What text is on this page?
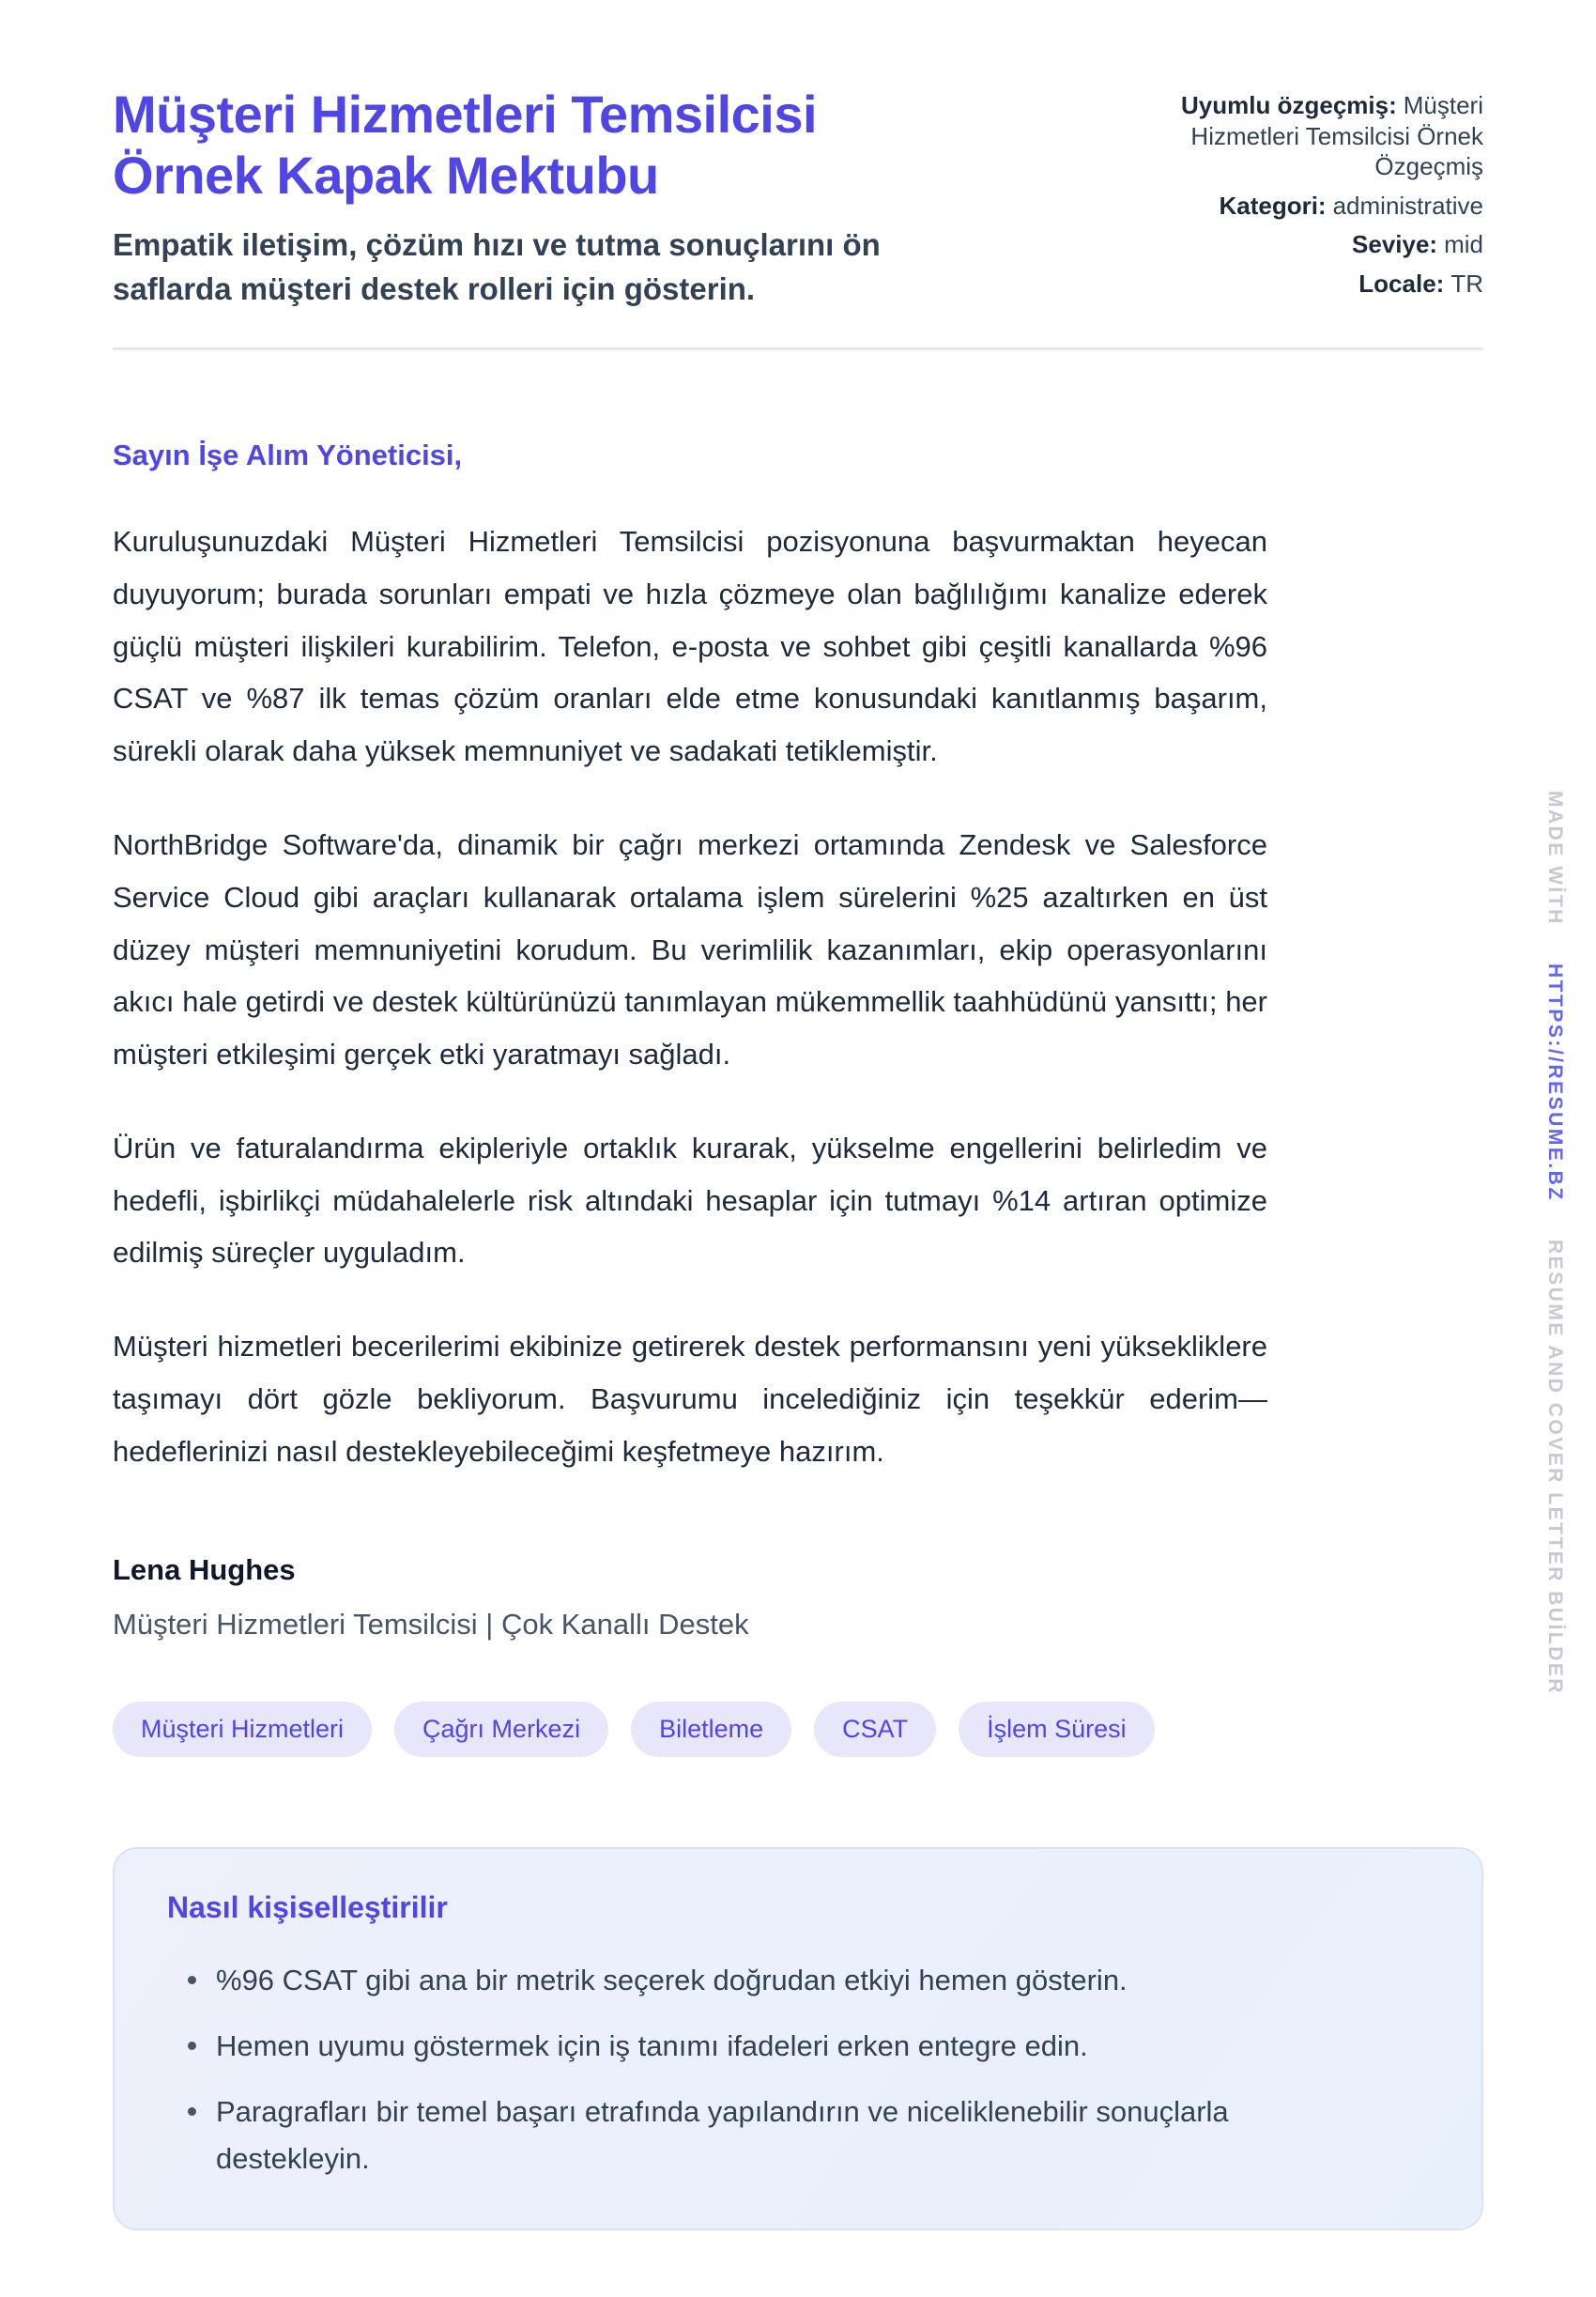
Müşteri Hizmetleri Temsilcisi Örnek Kapak Mektubu

Empatik iletişim, çözüm hızı ve tutma sonuçlarını ön saflarda müşteri destek rolleri için gösterin.

Uyumlu özgeçmiş: Müşteri Hizmetleri Temsilcisi Örnek Özgeçmiş
Kategori: administrative
Seviye: mid
Locale: TR

Sayın İşe Alım Yöneticisi,

Kuruluşunuzdaki Müşteri Hizmetleri Temsilcisi pozisyonuna başvurmaktan heyecan duyuyorum; burada sorunları empati ve hızla çözmeye olan bağlılığımı kanalize ederek güçlü müşteri ilişkileri kurabilirim. Telefon, e-posta ve sohbet gibi çeşitli kanallarda %96 CSAT ve %87 ilk temas çözüm oranları elde etme konusundaki kanıtlanmış başarım, sürekli olarak daha yüksek memnuniyet ve sadakati tetiklemiştir.

NorthBridge Software'da, dinamik bir çağrı merkezi ortamında Zendesk ve Salesforce Service Cloud gibi araçları kullanarak ortalama işlem sürelerini %25 azaltırken en üst düzey müşteri memnuniyetini korudum. Bu verimlilik kazanımları, ekip operasyonlarını akıcı hale getirdi ve destek kültürünüzü tanımlayan mükemmellik taahhüdünü yansıttı; her müşteri etkileşimi gerçek etki yaratmayı sağladı.

Ürün ve faturalandırma ekipleriyle ortaklık kurarak, yükselme engellerini belirledim ve hedefli, işbirlikçi müdahalelerle risk altındaki hesaplar için tutmayı %14 artıran optimize edilmiş süreçler uyguladım.

Müşteri hizmetleri becerilerimi ekibinize getirerek destek performansını yeni yüksekliklere taşımayı dört gözle bekliyorum. Başvurumu incelediğiniz için teşekkür ederim—hedeflerinizi nasıl destekleyebileceğimi keşfetmeye hazırım.

Lena Hughes

Müşteri Hizmetleri Temsilcisi | Çok Kanallı Destek

Müşteri Hizmetleri	Çağrı Merkezi	Biletleme	CSAT	İşlem Süresi
Nasıl kişiselleştirilir
%96 CSAT gibi ana bir metrik seçerek doğrudan etkiyi hemen gösterin.
Hemen uyumu göstermek için iş tanımı ifadeleri erken entegre edin.
Paragrafları bir temel başarı etrafında yapılandırın ve niceliklenebilir sonuçlarla destekleyin.
MADE WİTH HTTPS://RESUME.BZ RESUME AND COVER LETTER BUİLDER
